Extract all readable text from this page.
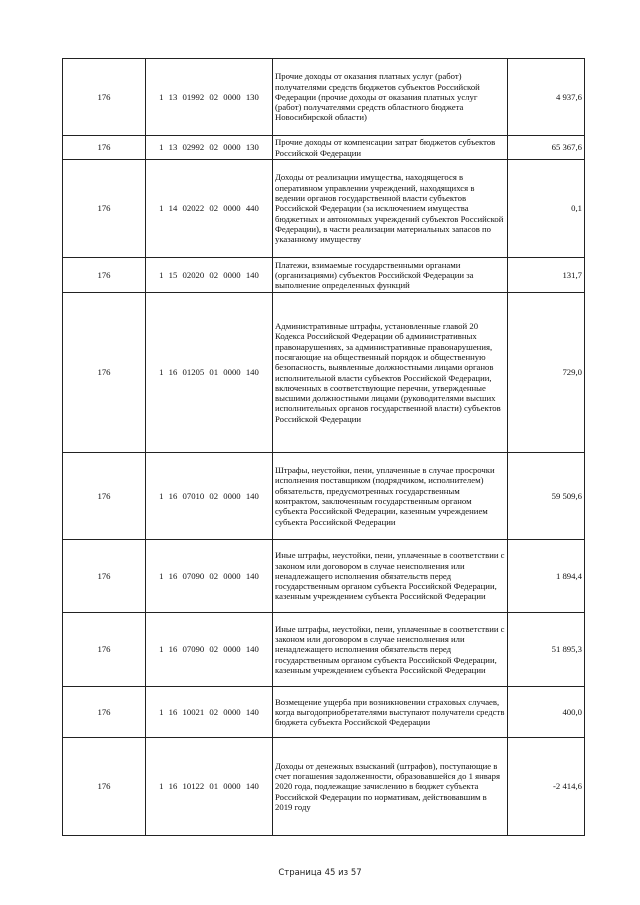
176	1 13 01992 02 0000 130	Прочие доходы от оказания платных услуг (работ) получателями средств бюджетов субъектов Российской Федерации (прочие доходы от оказания платных услуг (работ) получателями средств областного бюджета Новосибирской области)	4 937,6
176	1 13 02992 02 0000 130	Прочие доходы от компенсации затрат бюджетов субъектов Российской Федерации	65 367,6
176	1 14 02022 02 0000 440	Доходы от реализации имущества, находящегося в оперативном управлении учреждений, находящихся в ведении органов государственной власти субъектов Российской Федерации (за исключением имущества бюджетных и автономных учреждений субъектов Российской Федерации), в части реализации материальных запасов по указанному имуществу	0,1
176	1 15 02020 02 0000 140	Платежи, взимаемые государственными органами (организациями) субъектов Российской Федерации за выполнение определенных функций	131,7
176	1 16 01205 01 0000 140	Административные штрафы, установленные главой 20 Кодекса Российской Федерации об административных правонарушениях, за административные правонарушения, посягающие на общественный порядок и общественную безопасность, выявленные должностными лицами органов исполнительной власти субъектов Российской Федерации, включенных в соответствующие перечни, утвержденные высшими должностными лицами (руководителями высших исполнительных органов государственной власти) субъектов Российской Федерации	729,0
176	1 16 07010 02 0000 140	Штрафы, неустойки, пени, уплаченные в случае просрочки исполнения поставщиком (подрядчиком, исполнителем) обязательств, предусмотренных государственным контрактом, заключенным государственным органом субъекта Российской Федерации, казенным учреждением субъекта Российской Федерации	59 509,6
176	1 16 07090 02 0000 140	Иные штрафы, неустойки, пени, уплаченные в соответствии с законом или договором в случае неисполнения или ненадлежащего исполнения обязательств перед государственным органом субъекта Российской Федерации, казенным учреждением субъекта Российской Федерации	1 894,4
176	1 16 07090 02 0000 140	Иные штрафы, неустойки, пени, уплаченные в соответствии с законом или договором в случае неисполнения или ненадлежащего исполнения обязательств перед государственным органом субъекта Российской Федерации, казенным учреждением субъекта Российской Федерации	51 895,3
176	1 16 10021 02 0000 140	Возмещение ущерба при возникновении страховых случаев, когда выгодоприобретателями выступают получатели средств бюджета субъекта Российской Федерации	400,0
176	1 16 10122 01 0000 140	Доходы от денежных взысканий (штрафов), поступающие в счет погашения задолженности, образовавшейся до 1 января 2020 года, подлежащие зачислению в бюджет субъекта Российской Федерации по нормативам, действовавшим в 2019 году	-2 414,6
Страница 45 из 57
